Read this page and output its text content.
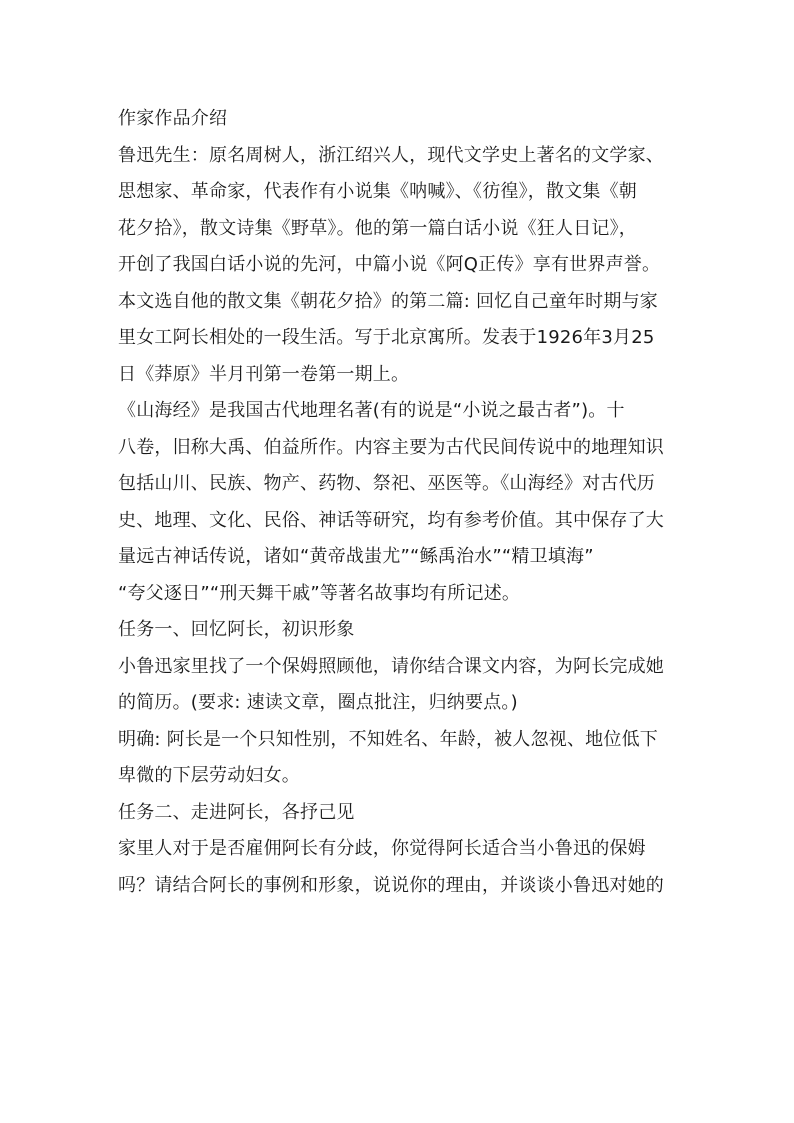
作家作品介绍
鲁迅先生：原名周树人，浙江绍兴人，现代文学史上著名的文学家、
思想家、革命家，代表作有小说集《呐喊》、《彷徨》，散文集《朝
花夕拾》，散文诗集《野草》。他的第一篇白话小说《狂人日记》，
开创了我国白话小说的先河，中篇小说《阿Q正传》享有世界声誉。
本文选自他的散文集《朝花夕拾》的第二篇: 回忆自己童年时期与家
里女工阿长相处的一段生活。写于北京寓所。发表于1926年3月25
日《莽原》半月刊第一卷第一期上。
《山海经》是我国古代地理名著(有的说是“小说之最古者”)。十
八卷，旧称大禹、伯益所作。内容主要为古代民间传说中的地理知识
包括山川、民族、物产、药物、祭祀、巫医等。《山海经》对古代历
史、地理、文化、民俗、神话等研究，均有参考价值。其中保存了大
量远古神话传说，诸如“黄帝战蚩尤”“鲧禹治水”“精卫填海”
“夸父逐日”“刑天舞干戚”等著名故事均有所记述。
任务一、回忆阿长，初识形象
小鲁迅家里找了一个保姆照顾他，请你结合课文内容，为阿长完成她
的简历。(要求: 速读文章，圈点批注，归纳要点。)
明确: 阿长是一个只知性别，不知姓名、年龄，被人忽视、地位低下
卑微的下层劳动妇女。
任务二、走进阿长，各抒己见
家里人对于是否雇佣阿长有分歧，你觉得阿长适合当小鲁迅的保姆
吗？请结合阿长的事例和形象，说说你的理由，并谈谈小鲁迅对她的
